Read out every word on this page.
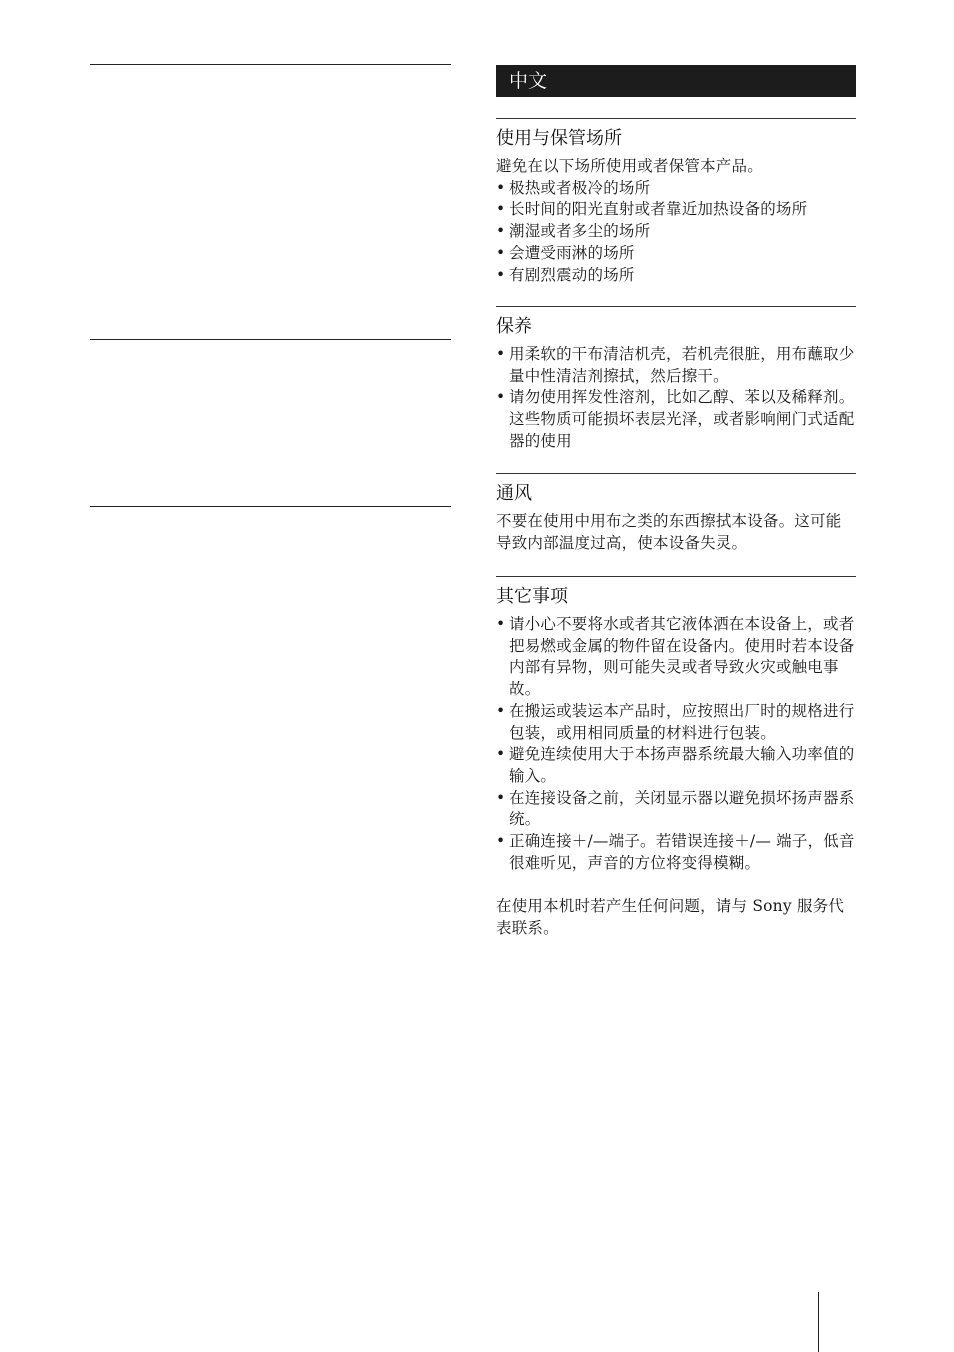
中文
使用与保管场所

避免在以下场所使用或者保管本产品。

• 极热或者极冷的场所
• 长时间的阳光直射或者靠近加热设备的场所
• 潮湿或者多尘的场所
• 会遭受雨淋的场所
• 有剧烈震动的场所
保养
• 用柔软的干布清洁机壳，若机壳很脏，用布蘸取少量中性清洁剂擦拭，然后擦干。
• 请勿使用挥发性溶剂，比如乙醇、苯以及稀释剂。这些物质可能损坏表层光泽，或者影响闸门式适配器的使用
通风

不要在使用中用布之类的东西擦拭本设备。这可能导致内部温度过高，使本设备失灵。

其它事项
• 请小心不要将水或者其它液体洒在本设备上，或者把易燃或金属的物件留在设备内。使用时若本设备内部有异物，则可能失灵或者导致火灾或触电事故。
• 在搬运或装运本产品时，应按照出厂时的规格进行包装，或用相同质量的材料进行包装。
• 避免连续使用大于本扬声器系统最大输入功率值的输入。
• 在连接设备之前，关闭显示器以避免损坏扬声器系统。
• 正确连接＋/—端子。若错误连接＋/— 端子，低音很难听见，声音的方位将变得模糊。

在使用本机时若产生任何问题，请与 Sony 服务代表联系。
